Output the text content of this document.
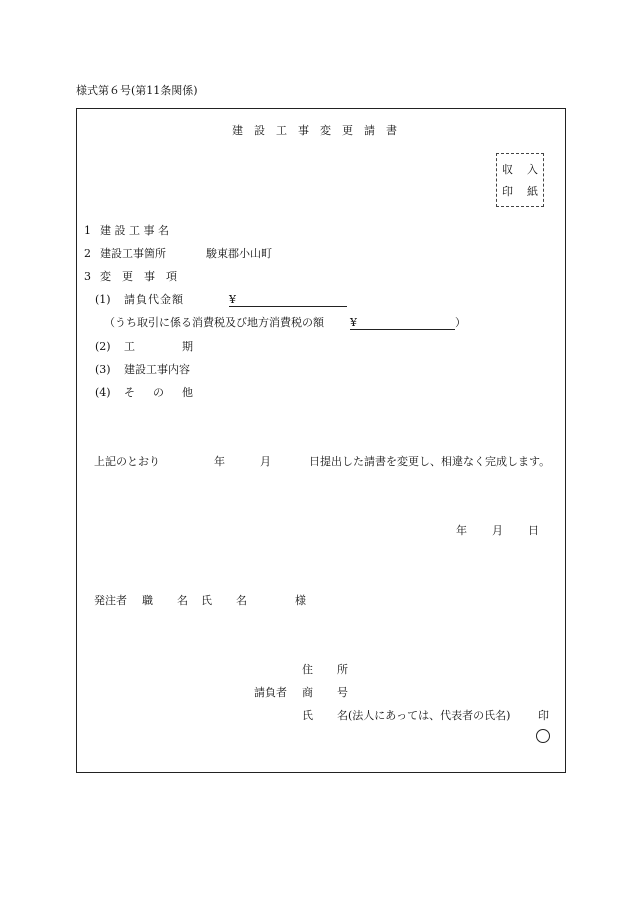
様式第６号(第11条関係)
建　設　工　事　変　更　請　書
収 入
印 紙
1 建 設 工 事 名
2 建設工事箇所	駿東郡小山町
3 変　更　事　項
(1) 請負代金額	¥
（うち取引に係る消費税及び地方消費税の額 ¥	）
(2) 工	期
(3) 建設工事内容
(4) そ の 他
上記のとおり	年	月	日提出した請書を変更し、相違なく完成します。
年 月 日
発注者 職 名 氏 名	様
住 所
請負者 商 号
氏 名(法人にあっては、代表者の氏名)	印
